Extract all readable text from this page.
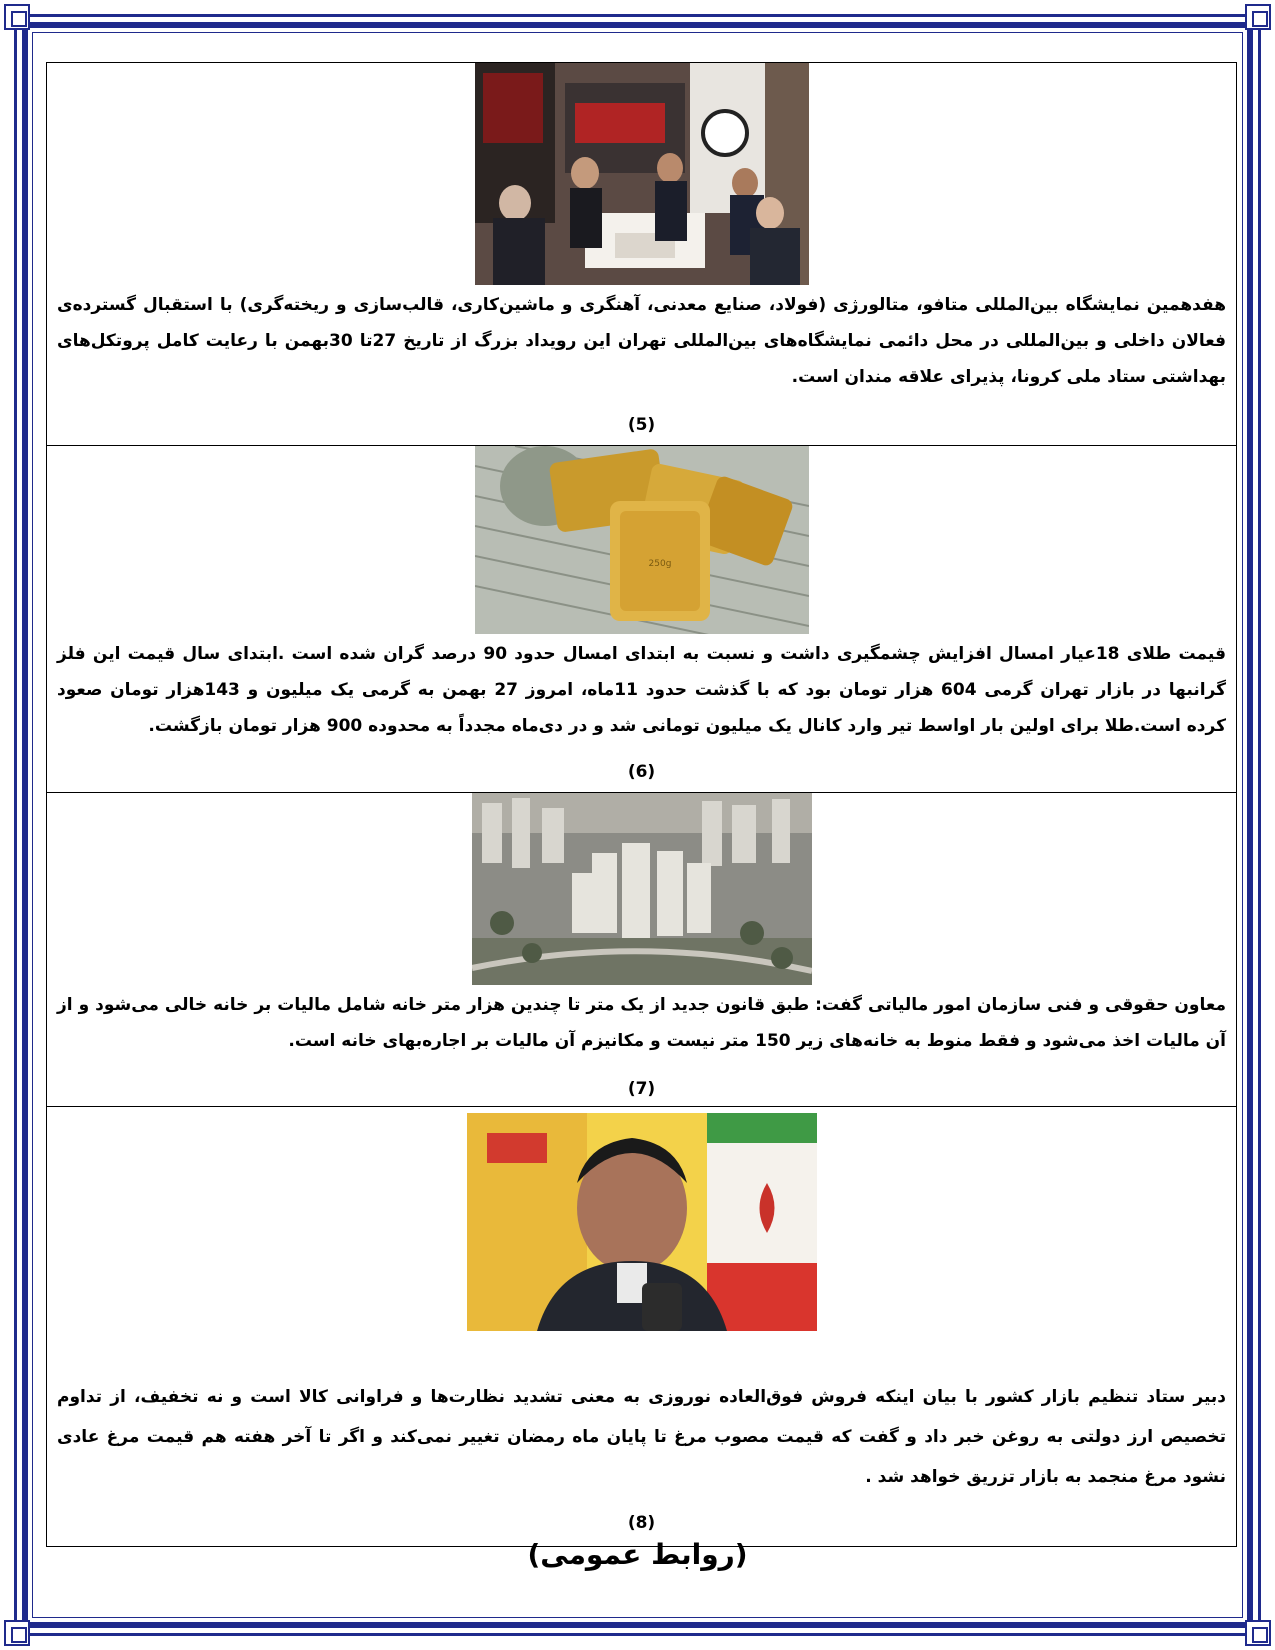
هفدهمین نمایشگاه بین‌المللی متافو، متالورژی (فولاد، صنایع معدنی، آهنگری و ماشین‌کاری، قالب‌سازی و ریخته‌گری) با استقبال گسترده‌ی فعالان داخلی و بین‌المللی در محل دائمی نمایشگاه‌های بین‌المللی تهران این رویداد بزرگ از تاریخ 27تا 30بهمن با رعایت کامل پروتکل‌های بهداشتی ستاد ملی کرونا، پذیرای علاقه مندان است.
(5)
250g
قیمت طلای 18عیار امسال افزایش چشمگیری داشت و نسبت به ابتدای امسال حدود 90 درصد گران شده است .ابتدای سال قیمت این فلز گرانبها در بازار تهران گرمی 604 هزار تومان بود که با گذشت حدود 11ماه، امروز 27 بهمن به گرمی یک میلیون و 143هزار تومان صعود کرده است.طلا برای اولین بار اواسط تیر وارد کانال یک میلیون تومانی شد و در دی‌ماه مجدداً به محدوده 900 هزار تومان بازگشت.
(6)
معاون حقوقی و فنی سازمان امور مالیاتی گفت: طبق قانون جدید از یک متر تا چندین هزار متر خانه شامل مالیات بر خانه خالی می‌شود و از آن مالیات اخذ می‌شود و فقط منوط به خانه‌های زیر 150 متر نیست و مکانیزم آن مالیات بر اجاره‌بهای خانه است.
(7)
دبیر ستاد تنظیم بازار کشور با بیان اینکه فروش فوق‌العاده نوروزی به معنی تشدید نظارت‌ها و فراوانی کالا است و نه تخفیف، از تداوم تخصیص ارز دولتی به روغن خبر داد و گفت که قیمت مصوب مرغ تا پایان ماه رمضان تغییر نمی‌کند و اگر تا آخر هفته هم قیمت مرغ عادی نشود مرغ منجمد به بازار تزریق خواهد شد .
(8)
(روابط عمومی)
